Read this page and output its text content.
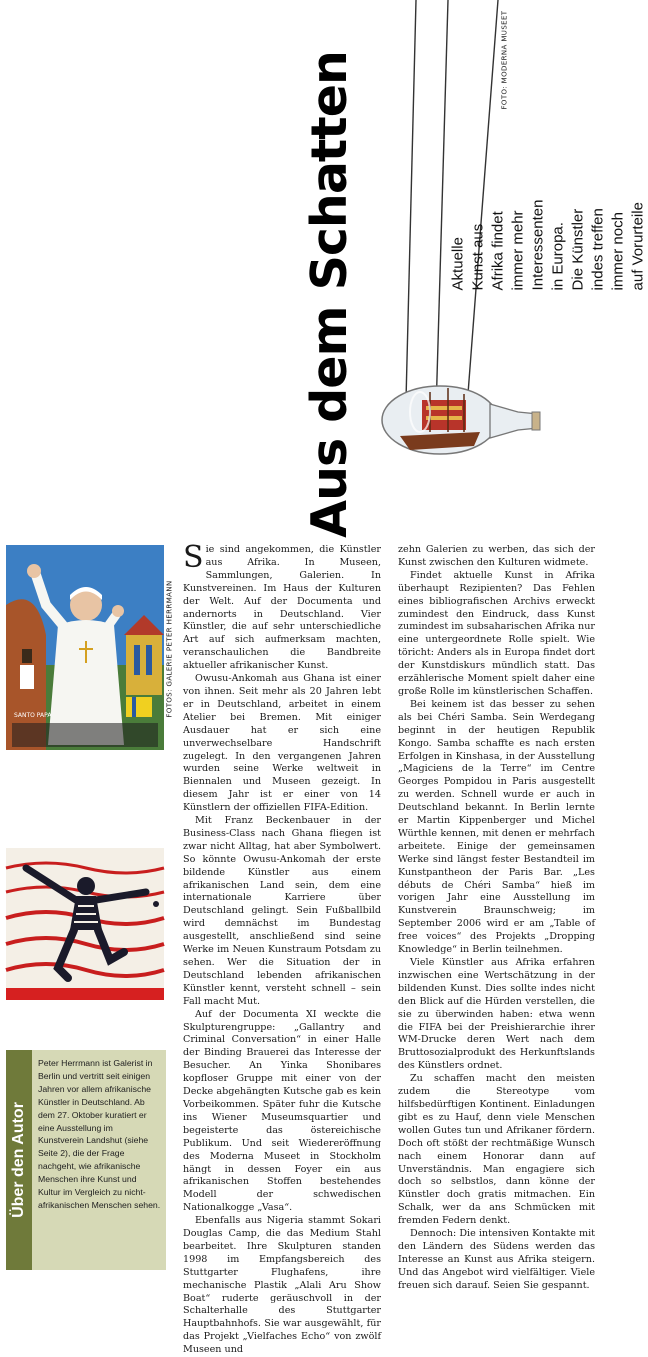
Aus dem Schatten	Aktuelle Kunst aus Afrika findet immer mehr Interessenten in Europa. Die Künstler indes treffen immer noch auf Vorurteile
FOTO: MODERNA MUSEET
FOTOS: GALERIE PETER HERRMANN
SANTO PAPA
Über den Autor
Peter Herrmann ist Galerist in Berlin und vertritt seit einigen Jahren vor allem afrikanische Künstler in Deutschland. Ab dem 27. Oktober kuratiert er eine Ausstellung im Kunstverein Landshut (siehe Seite 2), die der Frage nachgeht, wie afrikanische Menschen ihre Kunst und Kultur im Vergleich zu nicht-afrikanischen Menschen sehen.

Sie sind angekommen, die Künstler aus Afrika. In Museen, Sammlungen, Galerien. In Kunstvereinen. Im Haus der Kulturen der Welt. Auf der Documenta und andernorts in Deutschland. Vier Künstler, die auf sehr unterschiedliche Art auf sich aufmerksam machten, veranschaulichen die Bandbreite aktueller afrikanischer Kunst.

Owusu-Ankomah aus Ghana ist einer von ihnen. Seit mehr als 20 Jahren lebt er in Deutschland, arbeitet in einem Atelier bei Bremen. Mit einiger Ausdauer hat er sich eine unverwechselbare Handschrift zugelegt. In den vergangenen Jahren wurden seine Werke weltweit in Biennalen und Museen gezeigt. In diesem Jahr ist er einer von 14 Künstlern der offiziellen FIFA-Edition.

Mit Franz Beckenbauer in der Business-Class nach Ghana fliegen ist zwar nicht Alltag, hat aber Symbolwert. So könnte Owusu-Ankomah der erste bildende Künstler aus einem afrikanischen Land sein, dem eine internationale Karriere über Deutschland gelingt. Sein Fußballbild wird demnächst im Bundestag ausgestellt, anschließend sind seine Werke im Neuen Kunstraum Potsdam zu sehen. Wer die Situation der in Deutschland lebenden afrikanischen Künstler kennt, versteht schnell – sein Fall macht Mut.

Auf der Documenta XI weckte die Skulpturengruppe: „Gallantry and Criminal Conversation“ in einer Halle der Binding Brauerei das Interesse der Besucher. An Yinka Shonibares kopfloser Gruppe mit einer von der Decke abgehängten Kutsche gab es kein Vorbeikommen. Später fuhr die Kutsche ins Wiener Museumsquartier und begeisterte das östereichische Publikum. Und seit Wiedereröffnung des Moderna Museet in Stockholm hängt in dessen Foyer ein aus afrikanischen Stoffen bestehendes Modell der schwedischen Nationalkogge „Vasa“.

Ebenfalls aus Nigeria stammt Sokari Douglas Camp, die das Medium Stahl bearbeitet. Ihre Skulpturen standen 1998 im Empfangsbereich des Stuttgarter Flughafens, ihre mechanische Plastik „Alali Aru Show Boat“ ruderte geräuschvoll in der Schalterhalle des Stuttgarter Hauptbahnhofs. Sie war ausgewählt, für das Projekt „Vielfaches Echo“ von zwölf Museen und

zehn Galerien zu werben, das sich der Kunst zwischen den Kulturen widmete.

Findet aktuelle Kunst in Afrika überhaupt Rezipienten? Das Fehlen eines bibliografischen Archivs erweckt zumindest den Eindruck, dass Kunst zumindest im subsaharischen Afrika nur eine untergeordnete Rolle spielt. Wie töricht: Anders als in Europa findet dort der Kunstdiskurs mündlich statt. Das erzählerische Moment spielt daher eine große Rolle im künstlerischen Schaffen.

Bei keinem ist das besser zu sehen als bei Chéri Samba. Sein Werdegang beginnt in der heutigen Republik Kongo. Samba schaffte es nach ersten Erfolgen in Kinshasa, in der Ausstellung „Magiciens de la Terre“ im Centre Georges Pompidou in Paris ausgestellt zu werden. Schnell wurde er auch in Deutschland bekannt. In Berlin lernte er Martin Kippenberger und Michel Würthle kennen, mit denen er mehrfach arbeitete. Einige der gemeinsamen Werke sind längst fester Bestandteil im Kunstpantheon der Paris Bar. „Les débuts de Chéri Samba“ hieß im vorigen Jahr eine Ausstellung im Kunstverein Braunschweig; im September 2006 wird er am „Table of free voices“ des Projekts „Dropping Knowledge“ in Berlin teilnehmen.

Viele Künstler aus Afrika erfahren inzwischen eine Wertschätzung in der bildenden Kunst. Dies sollte indes nicht den Blick auf die Hürden verstellen, die sie zu überwinden haben: etwa wenn die FIFA bei der Preishierarchie ihrer WM-Drucke deren Wert nach dem Bruttosozialprodukt des Herkunftslands des Künstlers ordnet.

Zu schaffen macht den meisten zudem die Stereotype vom hilfsbedürftigen Kontinent. Einladungen gibt es zu Hauf, denn viele Menschen wollen Gutes tun und Afrikaner fördern. Doch oft stößt der rechtmäßige Wunsch nach einem Honorar dann auf Unverständnis. Man engagiere sich doch so selbstlos, dann könne der Künstler doch gratis mitmachen. Ein Schalk, wer da ans Schmücken mit fremden Federn denkt.

Dennoch: Die intensiven Kontakte mit den Ländern des Südens werden das Interesse an Kunst aus Afrika steigern. Und das Angebot wird vielfältiger. Viele freuen sich darauf. Seien Sie gespannt.
